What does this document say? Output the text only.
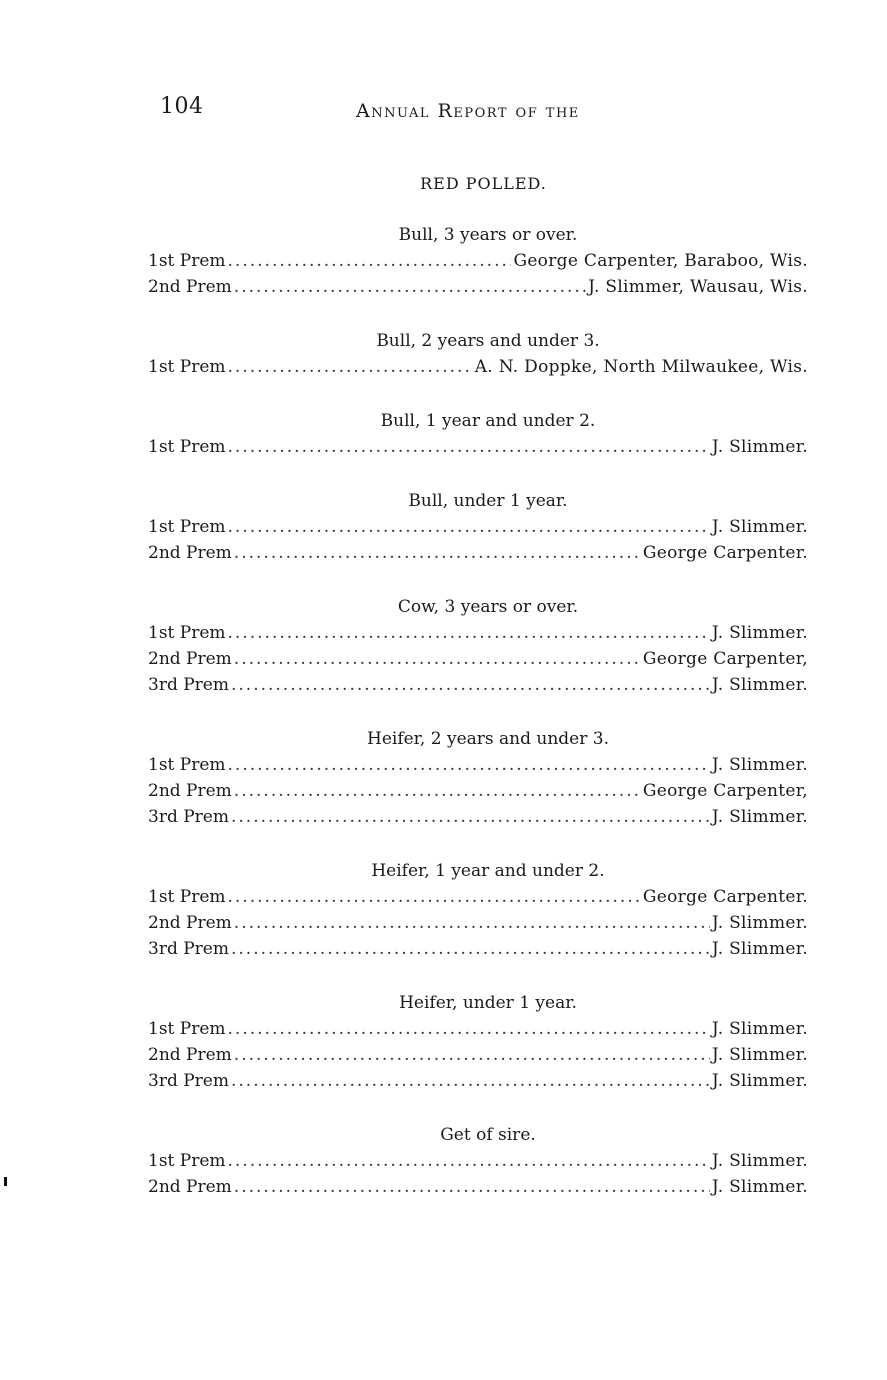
104	Annual Report of the
RED POLLED.
Bull, 3 years or over.
1st Prem .....	George Carpenter, Baraboo, Wis.
2nd Prem .....	J. Slimmer, Wausau, Wis.
Bull, 2 years and under 3.
1st Prem .....	A. N. Doppke, North Milwaukee, Wis.
Bull, 1 year and under 2.
1st Prem .....	J. Slimmer.
Bull, under 1 year.
1st Prem .....	J. Slimmer.
2nd Prem .....	George Carpenter.
Cow, 3 years or over.
1st Prem .....	J. Slimmer.
2nd Prem .....	George Carpenter,
3rd Prem .....	J. Slimmer.
Heifer, 2 years and under 3.
1st Prem .....	J. Slimmer.
2nd Prem .....	George Carpenter,
3rd Prem .....	J. Slimmer.
Heifer, 1 year and under 2.
1st Prem .....	George Carpenter.
2nd Prem .....	J. Slimmer.
3rd Prem .....	J. Slimmer.
Heifer, under 1 year.
1st Prem .....	J. Slimmer.
2nd Prem .....	J. Slimmer.
3rd Prem .....	J. Slimmer.
Get of sire.
1st Prem .....	J. Slimmer.
2nd Prem .....	J. Slimmer.
